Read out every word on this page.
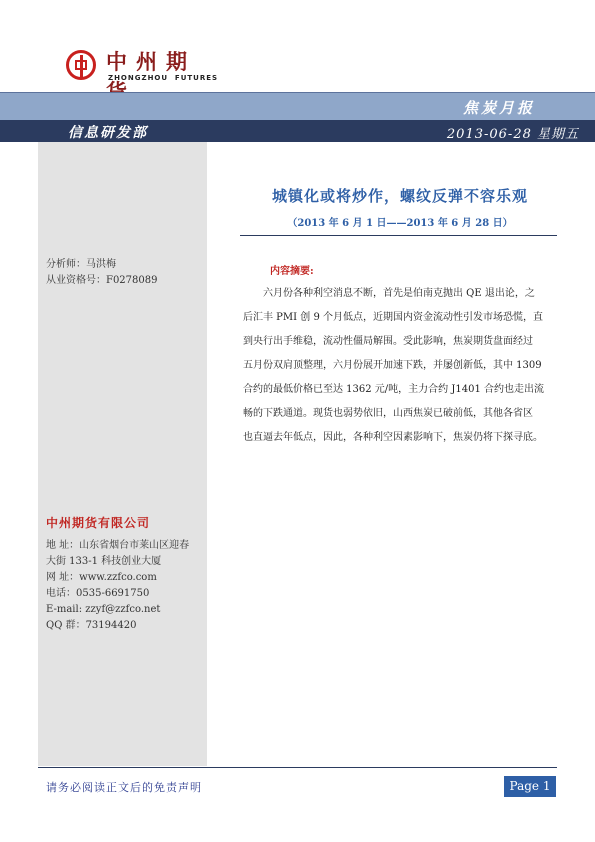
中州期
ZHONGZHOU  FUTURES
焦炭月报
信息研发部	2013-06-28 星期五
分析师：马洪梅
从业资格号：F0278089
中州期货有限公司
地 址：山东省烟台市莱山区迎春
大街 133-1 科技创业大厦
网 址：www.zzfco.com
电话：0535-6691750
E-mail: zzyf@zzfco.net
QQ 群：73194420
城镇化或将炒作，螺纹反弹不容乐观
（2013 年 6 月 1 日——2013 年 6 月 28 日）
内容摘要:
六月份各种利空消息不断，首先是伯南克抛出 QE 退出论，之
后汇丰 PMI 创 9 个月低点，近期国内资金流动性引发市场恐慌，直
到央行出手维稳，流动性僵局解围。受此影响，焦炭期货盘面经过
五月份双肩顶整理，六月份展开加速下跌，并屡创新低，其中 1309
合约的最低价格已至达 1362 元/吨，主力合约 J1401 合约也走出流
畅的下跌通道。现货也弱势依旧，山西焦炭已破前低，其他各省区
也直逼去年低点，因此，各种利空因素影响下，焦炭仍将下探寻底。
请务必阅读正文后的免责声明	Page 1
